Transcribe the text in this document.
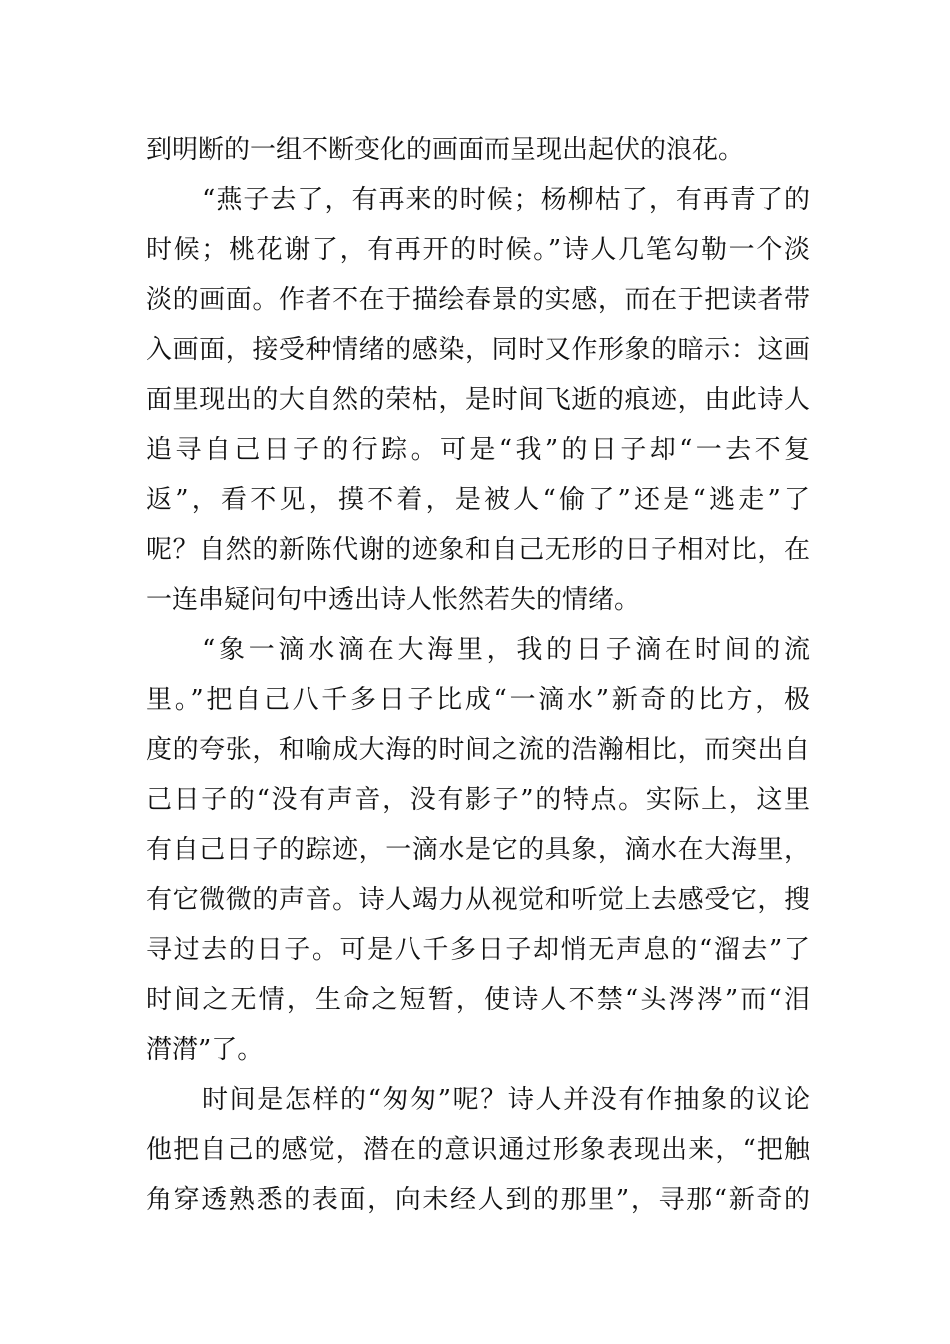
到明断的一组不断变化的画面而呈现出起伏的浪花。
“燕子去了，有再来的时候；杨柳枯了，有再青了的
时候；桃花谢了，有再开的时候。”诗人几笔勾勒一个淡
淡的画面。作者不在于描绘春景的实感，而在于把读者带
入画面，接受种情绪的感染，同时又作形象的暗示：这画
面里现出的大自然的荣枯，是时间飞逝的痕迹，由此诗人
追寻自己日子的行踪。可是“我”的日子却“一去不复
返”，看不见，摸不着，是被人“偷了”还是“逃走”了
呢？自然的新陈代谢的迹象和自己无形的日子相对比，在
一连串疑问句中透出诗人怅然若失的情绪。
“象一滴水滴在大海里，我的日子滴在时间的流
里。”把自己八千多日子比成“一滴水”新奇的比方，极
度的夸张，和喻成大海的时间之流的浩瀚相比，而突出自
己日子的“没有声音，没有影子”的特点。实际上，这里
有自己日子的踪迹，一滴水是它的具象，滴水在大海里，
有它微微的声音。诗人竭力从视觉和听觉上去感受它，搜
寻过去的日子。可是八千多日子却悄无声息的“溜去”了
时间之无情，生命之短暂，使诗人不禁“头涔涔”而“泪
潸潸”了。
时间是怎样的“匆匆”呢？诗人并没有作抽象的议论
他把自己的感觉，潜在的意识通过形象表现出来，“把触
角穿透熟悉的表面，向未经人到的那里”，寻那“新奇的
